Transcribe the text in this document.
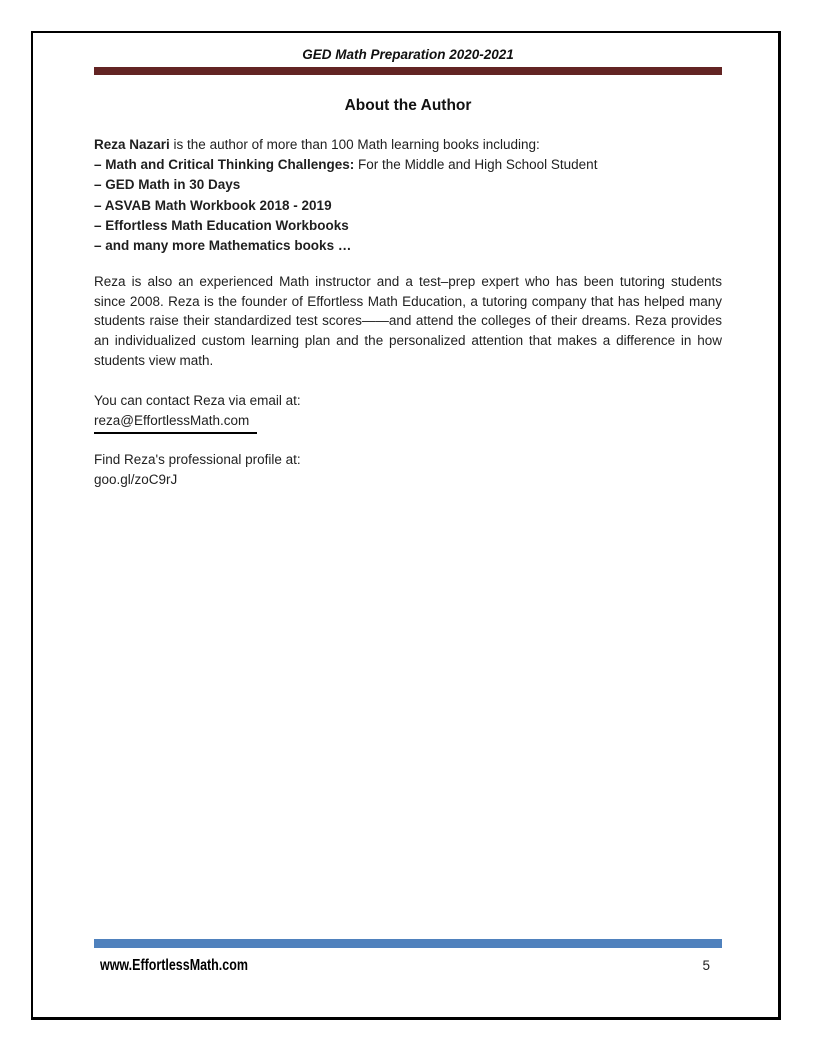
GED Math Preparation 2020-2021
About the Author
Reza Nazari is the author of more than 100 Math learning books including:
– Math and Critical Thinking Challenges: For the Middle and High School Student
– GED Math in 30 Days
– ASVAB Math Workbook 2018 - 2019
– Effortless Math Education Workbooks
– and many more Mathematics books …
Reza is also an experienced Math instructor and a test–prep expert who has been tutoring students since 2008. Reza is the founder of Effortless Math Education, a tutoring company that has helped many students raise their standardized test scores——and attend the colleges of their dreams. Reza provides an individualized custom learning plan and the personalized attention that makes a difference in how students view math.
You can contact Reza via email at:
reza@EffortlessMath.com
Find Reza's professional profile at:
goo.gl/zoC9rJ
www.EffortlessMath.com	5
